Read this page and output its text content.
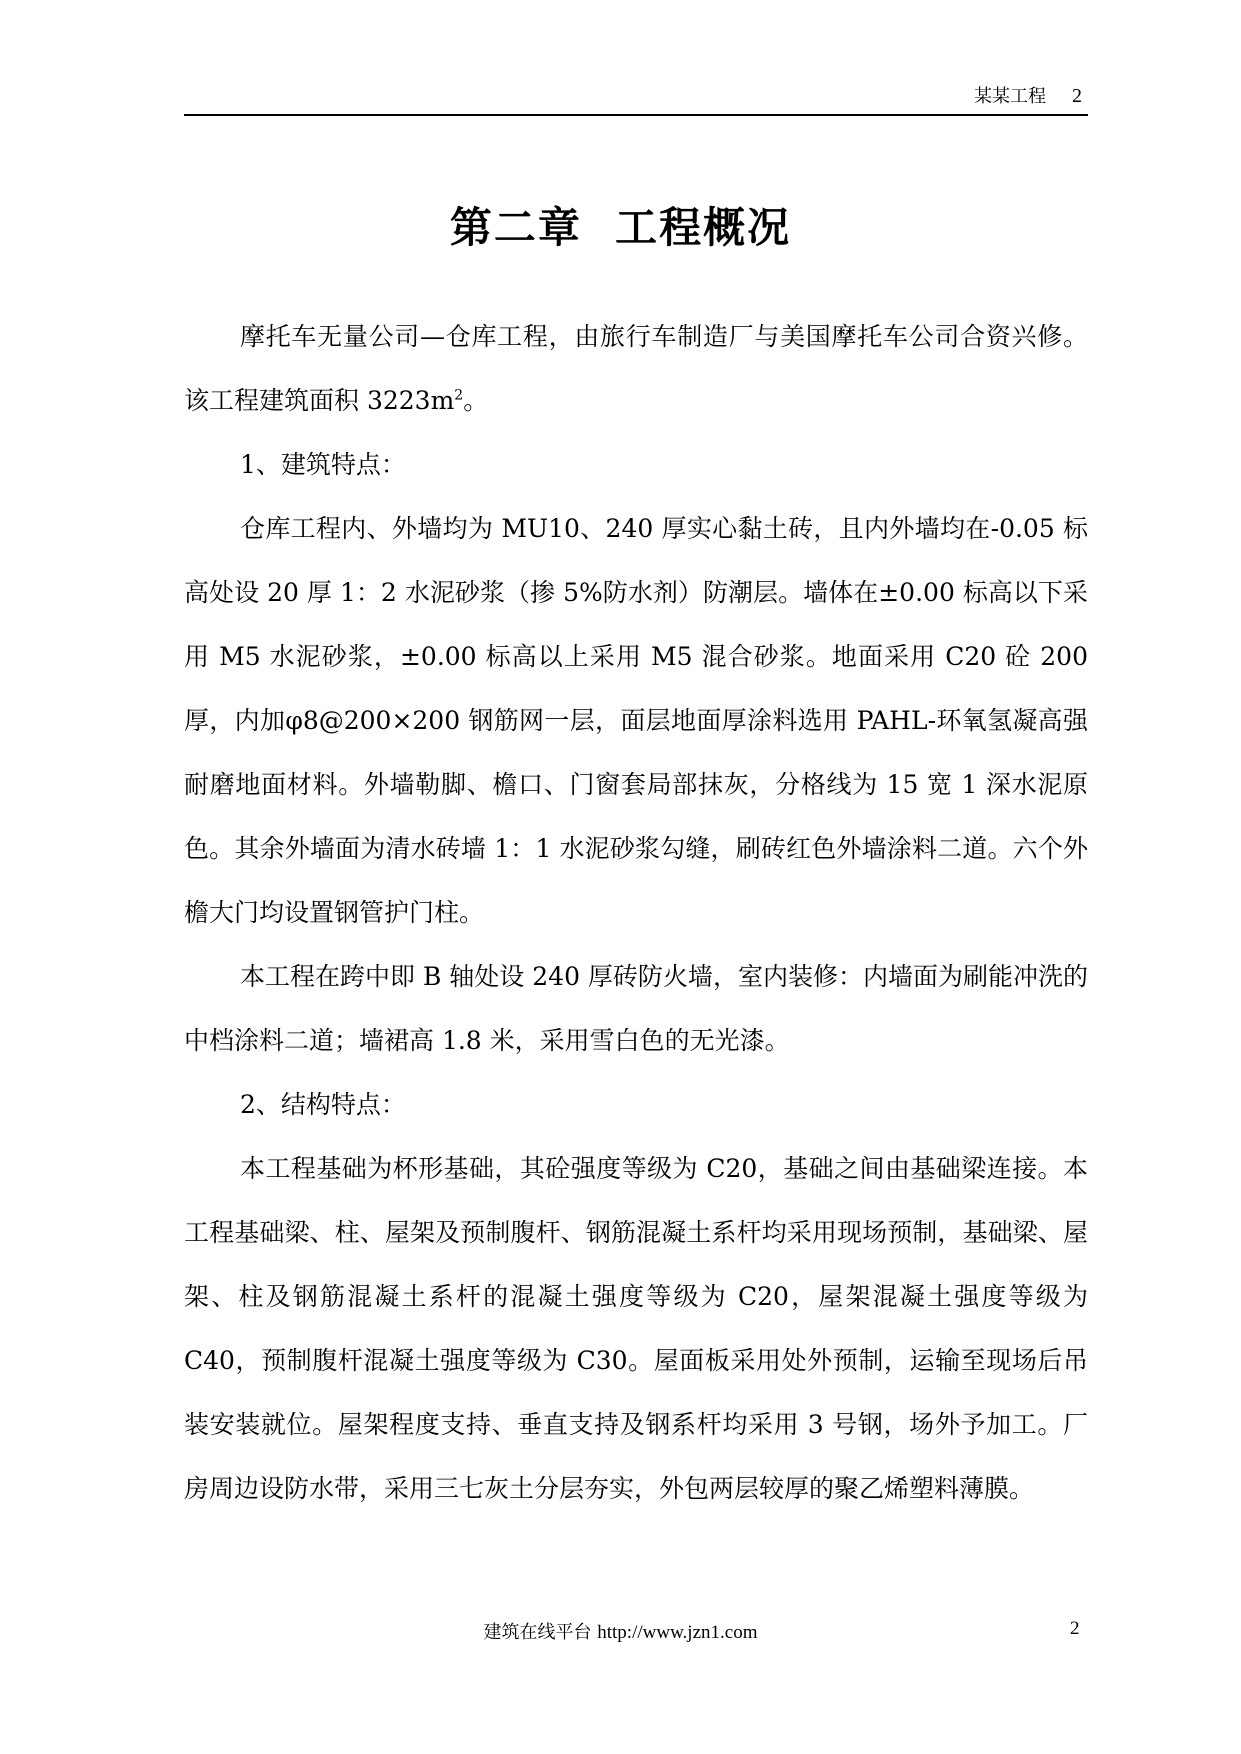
某某工程 2
第二章  工程概况

摩托车无量公司—仓库工程，由旅行车制造厂与美国摩托车公司合资兴修。该工程建筑面积 $3223m^2$。

1、建筑特点：

仓库工程内、外墙均为 MU10、240 厚实心黏土砖，且内外墙均在-0.05 标高处设 20 厚 1：2 水泥砂浆（掺 5%防水剂）防潮层。墙体在±0.00 标高以下采用 M5 水泥砂浆，±0.00 标高以上采用 M5 混合砂浆。地面采用 C20 砼 200 厚，内加φ8@200×200 钢筋网一层，面层地面厚涂料选用 PAHL-环氧氢凝高强耐磨地面材料。外墙勒脚、檐口、门窗套局部抹灰，分格线为 15 宽 1 深水泥原色。其余外墙面为清水砖墙 1：1 水泥砂浆勾缝，刷砖红色外墙涂料二道。六个外檐大门均设置钢管护门柱。

本工程在跨中即 B 轴处设 240 厚砖防火墙，室内装修：内墙面为刷能冲洗的中档涂料二道；墙裙高 1.8 米，采用雪白色的无光漆。

2、结构特点：

本工程基础为杯形基础，其砼强度等级为 C20，基础之间由基础梁连接。本工程基础梁、柱、屋架及预制腹杆、钢筋混凝土系杆均采用现场预制，基础梁、屋架、柱及钢筋混凝土系杆的混凝土强度等级为 C20，屋架混凝土强度等级为 C40，预制腹杆混凝土强度等级为 C30。屋面板采用处外预制，运输至现场后吊装安装就位。屋架程度支持、垂直支持及钢系杆均采用 3 号钢，场外予加工。厂房周边设防水带，采用三七灰土分层夯实，外包两层较厚的聚乙烯塑料薄膜。

建筑在线平台 http://www.jzn1.com	2
